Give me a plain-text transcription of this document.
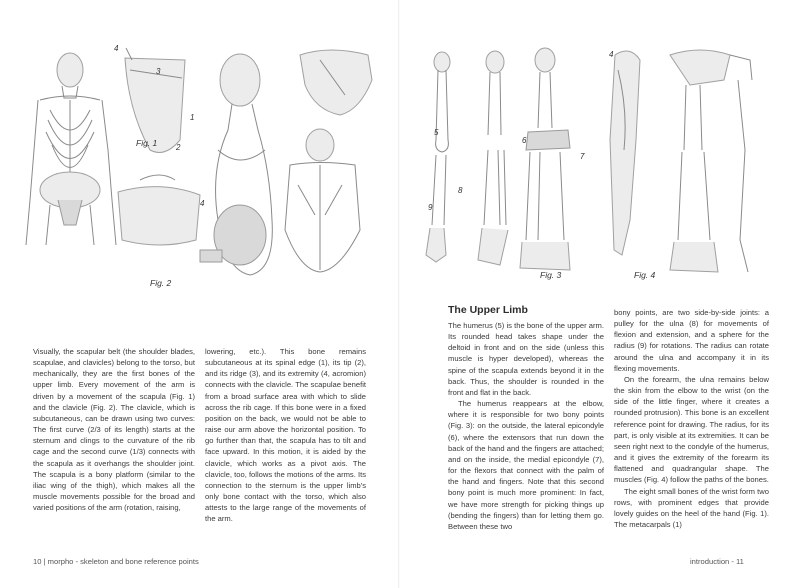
4
3
1
2
4
Fig. 1
Fig. 2

Visually, the scapular belt (the shoulder blades, scapulae, and clavicles) belong to the torso, but mechanically, they are the first bones of the upper limb. Every movement of the arm is driven by a movement of the scapula (Fig. 1) and the clavicle (Fig. 2). The clavicle, which is subcutaneous, can be drawn using two curves: The first curve (2/3 of its length) starts at the sternum and clings to the curvature of the rib cage and the second curve (1/3) connects with the scapula as it overhangs the shoulder joint. The scapula is a bony platform (similar to the iliac wing of the thigh), which makes all the muscle movements possible for the broad and varied positions of the arm (rotation, raising,

lowering, etc.). This bone remains subcutaneous at its spinal edge (1), its tip (2), and its ridge (3), and its extremity (4, acromion) connects with the clavicle. The scapulae benefit from a broad surface area with which to slide across the rib cage. If this bone were in a fixed position on the back, we would not be able to raise our arm above the horizontal position. To go further than that, the scapula has to tilt and face upward. In this motion, it is aided by the clavicle, which works as a pivot axis. The clavicle, too, follows the motions of the arms. Its connection to the sternum is the upper limb's only bone contact with the torso, which also attests to the large range of the movements of the arm.

10 | morpho - skeleton and bone reference points
4
5
6
7
8
9
Fig. 3	Fig. 4
The Upper Limb

The humerus (5) is the bone of the upper arm. Its rounded head takes shape under the deltoid in front and on the side (unless this muscle is hyper developed), whereas the spine of the scapula extends beyond it in the back. Thus, the shoulder is rounded in the front and flat in the back.

The humerus reappears at the elbow, where it is responsible for two bony points (Fig. 3): on the outside, the lateral epicondyle (6), where the extensors that run down the back of the hand and the fingers are attached; and on the inside, the medial epicondyle (7), for the flexors that connect with the palm of the hand and fingers. Note that this second bony point is much more prominent: In fact, we have more strength for picking things up (bending the fingers) than for letting them go. Between these two

bony points, are two side-by-side joints: a pulley for the ulna (8) for movements of flexion and extension, and a sphere for the radius (9) for rotations. The radius can rotate around the ulna and accompany it in its flexing movements.

On the forearm, the ulna remains below the skin from the elbow to the wrist (on the side of the little finger, where it creates a rounded protrusion). This bone is an excellent reference point for drawing. The radius, for its part, is only visible at its extremities. It can be seen right next to the condyle of the humerus, and it gives the extremity of the forearm its flattened and quadrangular shape. The muscles (Fig. 4) follow the paths of the bones.

The eight small bones of the wrist form two rows, with prominent edges that provide lovely guides on the heel of the hand (Fig. 1). The metacarpals (1)

introduction - 11
